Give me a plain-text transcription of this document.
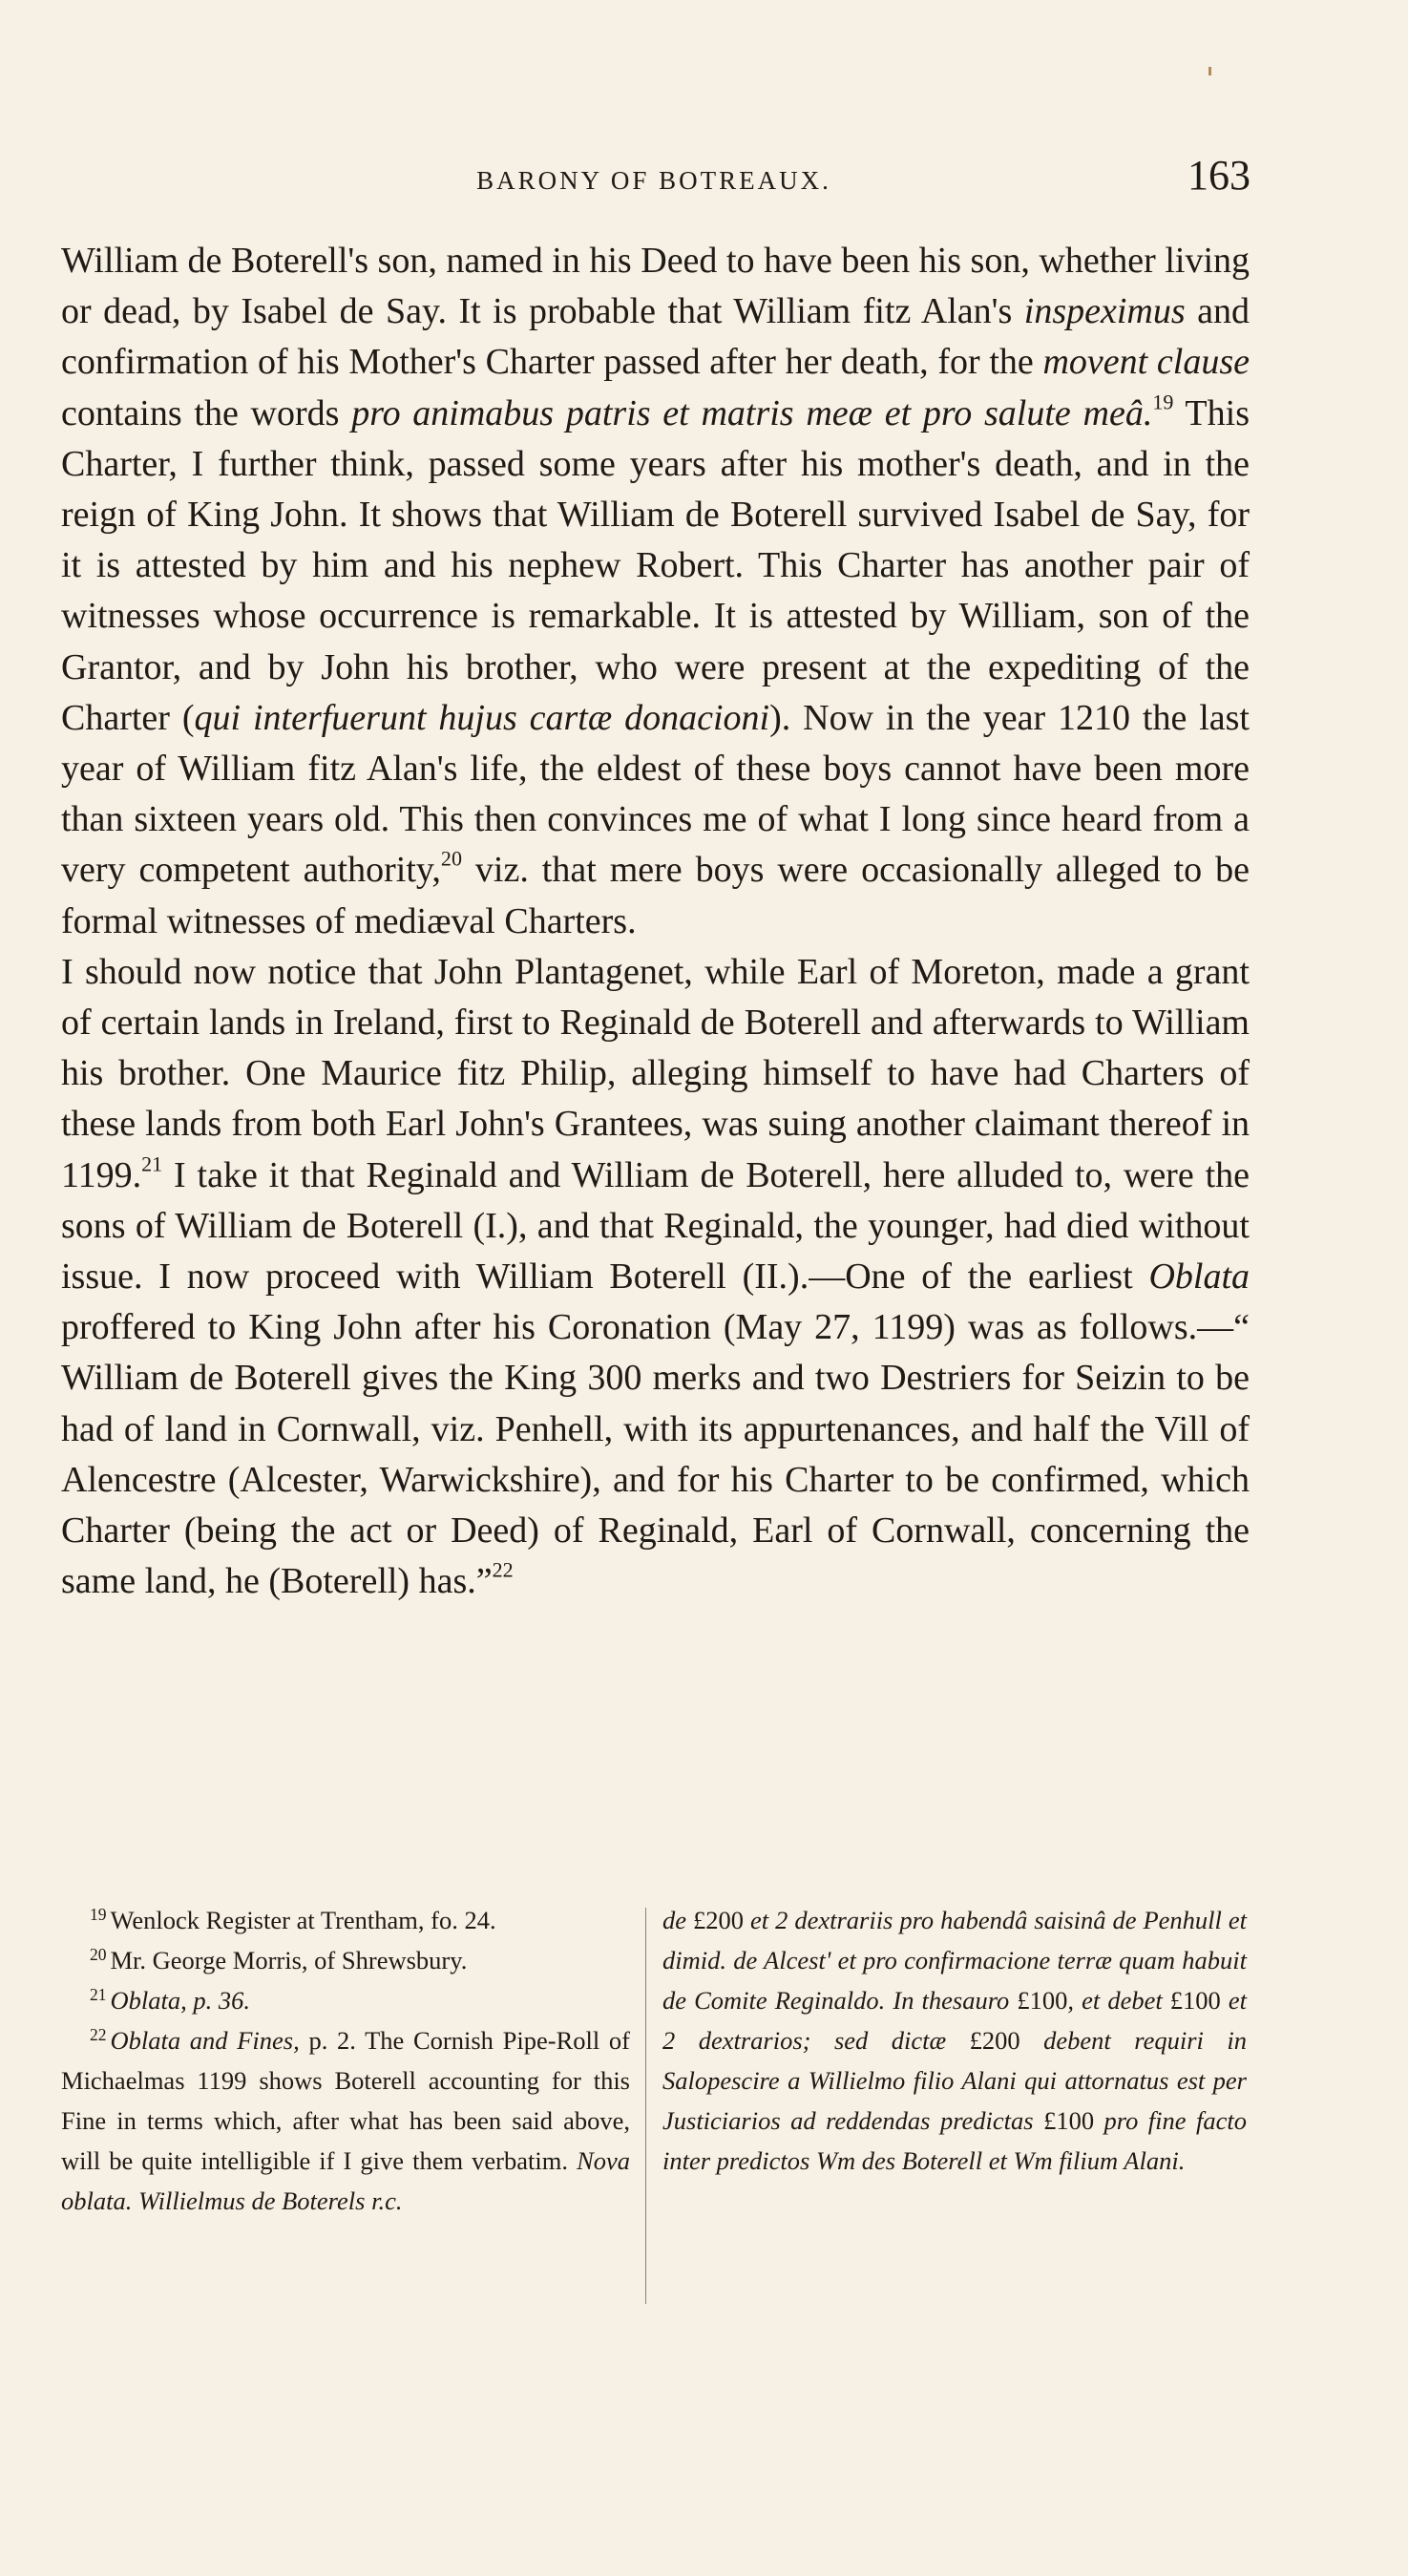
BARONY OF BOTREAUX.	163

William de Boterell's son, named in his Deed to have been his son, whether living or dead, by Isabel de Say. It is probable that William fitz Alan's inspeximus and confirmation of his Mother's Charter passed after her death, for the movent clause contains the words pro animabus patris et matris meæ et pro salute meâ.$^{19}$ This Charter, I further think, passed some years after his mother's death, and in the reign of King John. It shows that William de Boterell survived Isabel de Say, for it is attested by him and his nephew Robert. This Charter has another pair of witnesses whose occurrence is remarkable. It is attested by William, son of the Grantor, and by John his brother, who were present at the expediting of the Charter (qui interfuerunt hujus cartæ donacioni). Now in the year 1210 the last year of William fitz Alan's life, the eldest of these boys cannot have been more than sixteen years old. This then convinces me of what I long since heard from a very competent authority,$^{20}$ viz. that mere boys were occasionally alleged to be formal witnesses of mediæval Charters.

I should now notice that John Plantagenet, while Earl of Moreton, made a grant of certain lands in Ireland, first to Reginald de Boterell and afterwards to William his brother. One Maurice fitz Philip, alleging himself to have had Charters of these lands from both Earl John's Grantees, was suing another claimant thereof in 1199.21 I take it that Reginald and William de Boterell, here alluded to, were the sons of William de Boterell (I.), and that Reginald, the younger, had died without issue. I now proceed with William Boterell (II.).—One of the earliest Oblata proffered to King John after his Coronation (May 27, 1199) was as follows.—“ William de Boterell gives the King 300 merks and two Destriers for Seizin to be had of land in Cornwall, viz. Penhell, with its appurtenances, and half the Vill of Alencestre (Alcester, Warwickshire), and for his Charter to be confirmed, which Charter (being the act or Deed) of Reginald, Earl of Cornwall, concerning the same land, he (Boterell) has.”$^{22}$

$^{19}$ Wenlock Register at Trentham, fo. 24.

$^{20}$ Mr. George Morris, of Shrewsbury.

$^{21}$ Oblata, p. 36.

$^{22}$ Oblata and Fines, p. 2. The Cornish Pipe-Roll of Michaelmas 1199 shows Boterell accounting for this Fine in terms which, after what has been said above, will be quite intelligible if I give them verbatim. Nova oblata. Willielmus de Boterels r.c.

de £200 et 2 dextrariis pro habendâ saisinâ de Penhull et dimid. de Alcest' et pro confirmacione terræ quam habuit de Comite Reginaldo. In thesauro £100, et debet £100 et 2 dextrarios; sed dictæ £200 debent requiri in Salopescire a Willielmo filio Alani qui attornatus est per Justiciarios ad reddendas predictas £100 pro fine facto inter predictos Wm des Boterell et Wm filium Alani.
